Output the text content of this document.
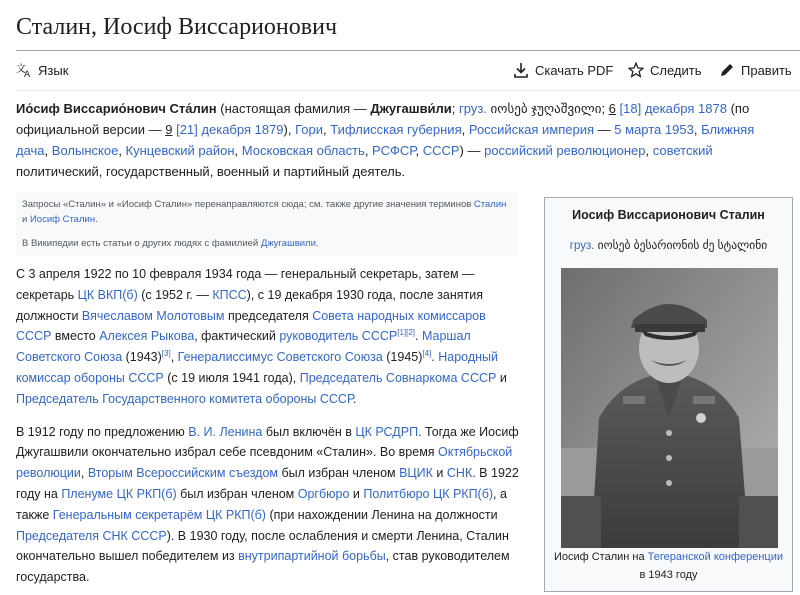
Сталин, Иосиф Виссарионович
文
A Язык	Скачать PDF	Следить	Править

Ио́сиф Виссарио́нович Ста́лин (настоящая фамилия — Джугашви́ли; груз. იოსებ ჯუღაშვილი; 6 [18] декабря 1878 (по официальной версии — 9 [21] декабря 1879), Гори, Тифлисская губерния, Российская империя — 5 марта 1953, Ближняя дача, Волынское, Кунцевский район, Московская область, РСФСР, СССР) — российский революционер, советский политический, государственный, военный и партийный деятель.

Запросы «Сталин» и «Иосиф Сталин» перенаправляются сюда; см. также другие значения терминов Сталин и Иосиф Сталин.
В Википедии есть статьи о других людях с фамилией Джугашвили.

С 3 апреля 1922 по 10 февраля 1934 года — генеральный секретарь, затем — секретарь ЦК ВКП(б) (с 1952 г. — КПСС), с 19 декабря 1930 года, после занятия должности Вячеславом Молотовым председателя Совета народных комиссаров СССР вместо Алексея Рыкова, фактический руководитель СССР[1][2]. Маршал Советского Союза (1943)[3], Генералиссимус Советского Союза (1945)[4]. Народный комиссар обороны СССР (с 19 июля 1941 года), Председатель Совнаркома СССР и Председатель Государственного комитета обороны СССР.

В 1912 году по предложению В. И. Ленина был включён в ЦК РСДРП. Тогда же Иосиф Джугашвили окончательно избрал себе псевдоним «Сталин». Во время Октябрьской революции, Вторым Всероссийским съездом был избран членом ВЦИК и СНК. В 1922 году на Пленуме ЦК РКП(б) был избран членом Оргбюро и Политбюро ЦК РКП(б), а также Генеральным секретарём ЦК РКП(б) (при нахождении Ленина на должности Председателя СНК СССР). В 1930 году, после ослабления и смерти Ленина, Сталин окончательно вышел победителем из внутрипартийной борьбы, став руководителем государства.

Иосиф Виссарионович Сталин
груз. იოსებ ბესარიონის ძე სტალინი
Иосиф Сталин на Тегеранской конференции
в 1943 году
